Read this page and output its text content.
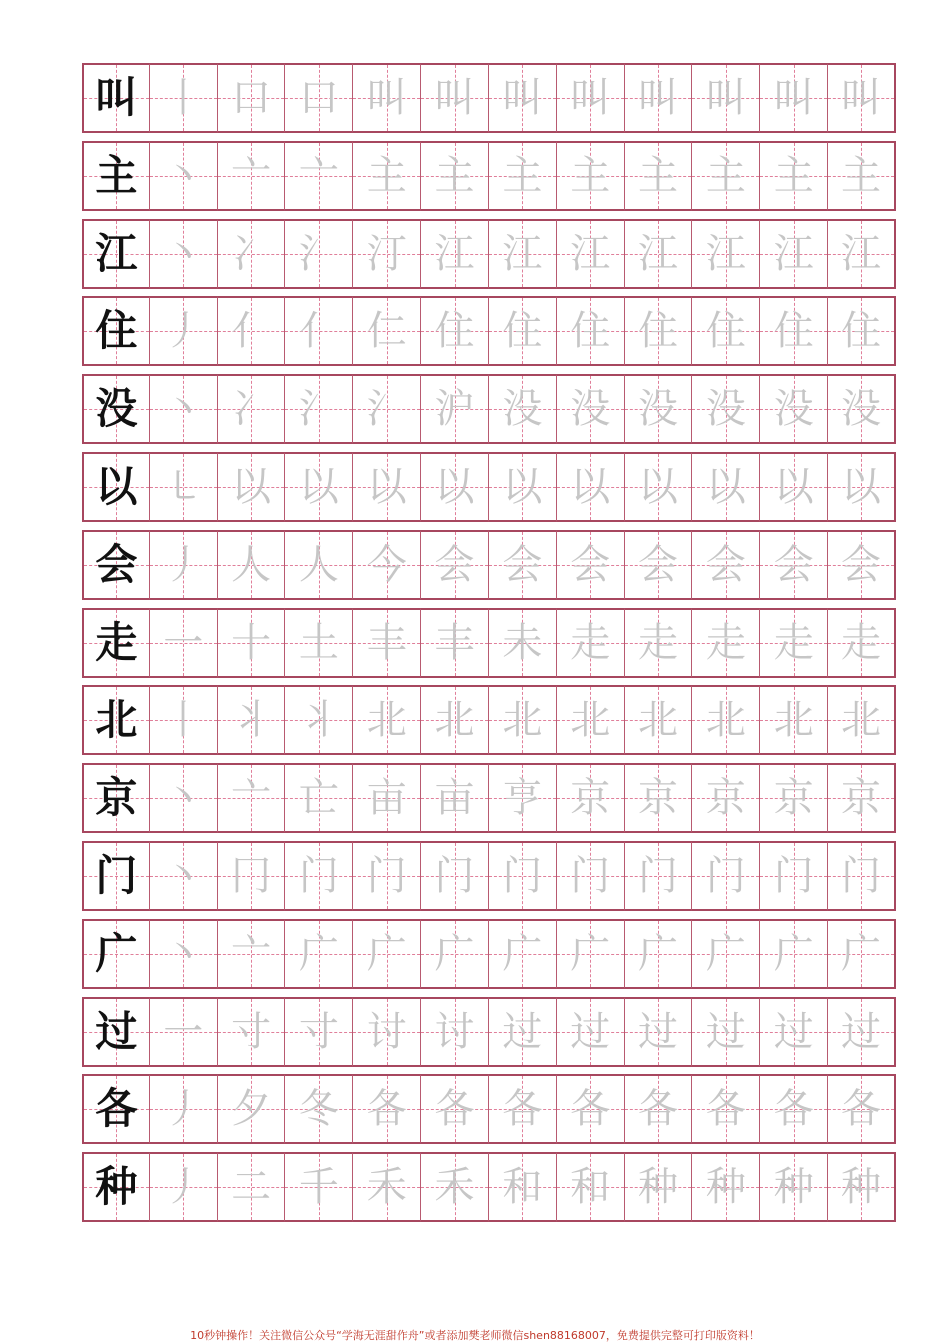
叫 丨 口 口 叫 叫 叫 叫 叫 叫 叫 叫
主 丶 亠 亠 主 主 主 主 主 主 主 主
江 丶 冫 氵 汀 江 江 江 江 江 江 江
住 丿 亻 亻 仁 住 住 住 住 住 住 住
没 丶 冫 氵 氵 沪 没 没 没 没 没 没
以 ㇄ 以 以 以 以 以 以 以 以 以 以
会 丿 人 人 今 会 会 会 会 会 会 会
走 一 十 土 丰 丰 未 走 走 走 走 走
北 丨 丬 丬 北 北 北 北 北 北 北 北
京 丶 亠 亡 亩 亩 亨 京 京 京 京 京
门 丶 冂 门 门 门 门 门 门 门 门 门
广 丶 亠 广 广 广 广 广 广 广 广 广
过 一 寸 寸 讨 讨 过 过 过 过 过 过
各 丿 夕 冬 各 各 各 各 各 各 各 各
种 丿 二 千 禾 禾 和 和 种 种 种 种
10秒钟操作！关注微信公众号“学海无涯甜作舟”或者添加樊老师微信shen88168007，免费提供完整可打印版资料！
